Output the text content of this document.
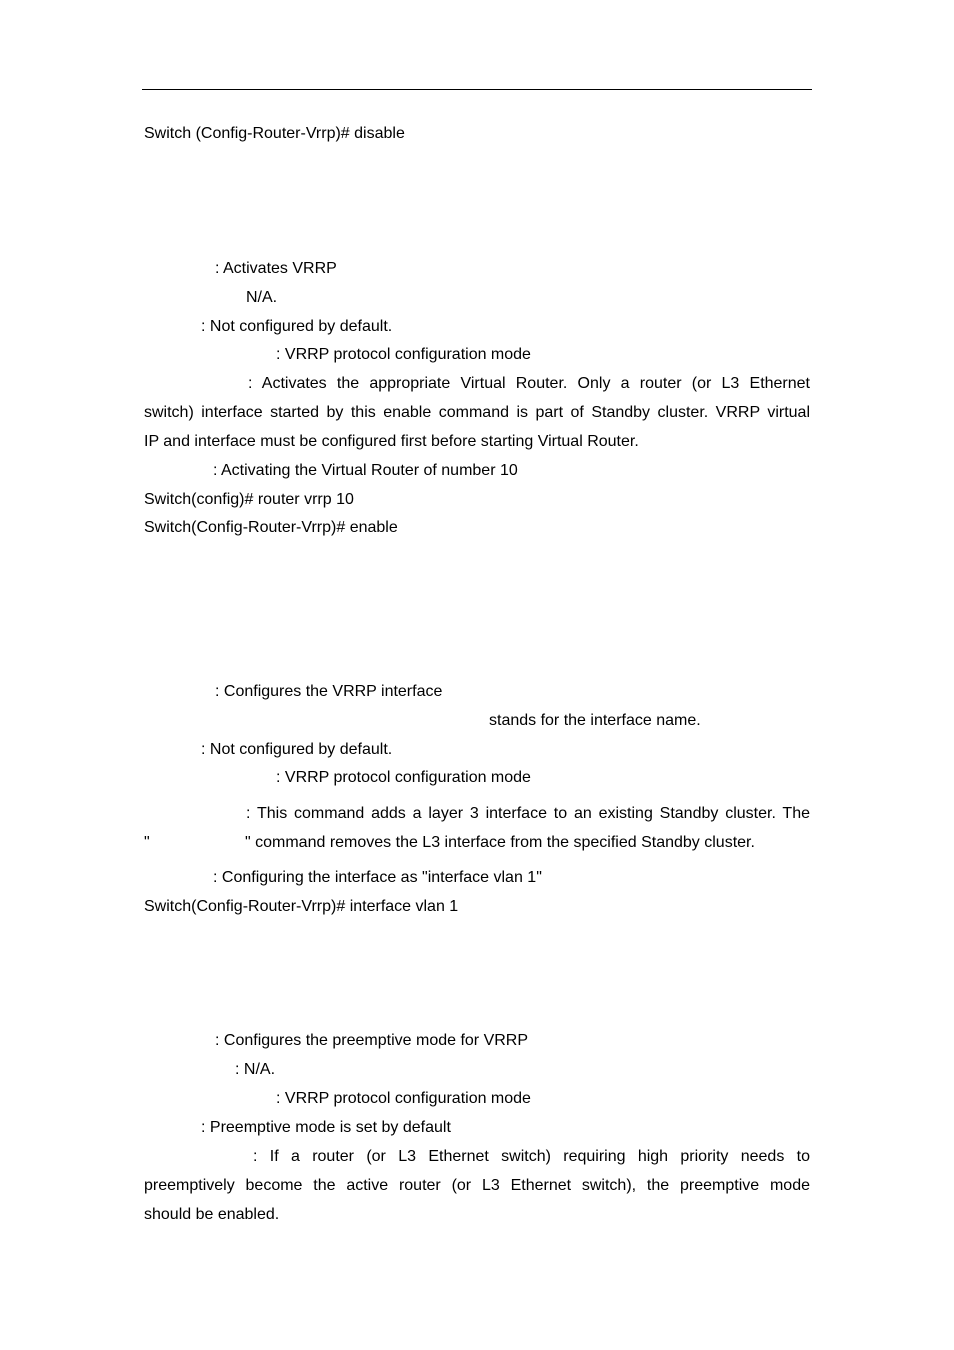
Switch (Config-Router-Vrrp)# disable
: Activates VRRP
N/A.
: Not configured by default.
: VRRP protocol configuration mode
: Activates the appropriate Virtual Router. Only a router (or L3 Ethernet
switch) interface started by this enable command is part of Standby cluster. VRRP virtual
IP and interface must be configured first before starting Virtual Router.
: Activating the Virtual Router of number 10
Switch(config)# router vrrp 10
Switch(Config-Router-Vrrp)# enable
: Configures the VRRP interface
stands for the interface name.
: Not configured by default.
: VRRP protocol configuration mode
: This command adds a layer 3 interface to an existing Standby cluster. The
"	" command removes the L3 interface from the specified Standby cluster.
: Configuring the interface as "interface vlan 1"
Switch(Config-Router-Vrrp)# interface vlan 1
: Configures the preemptive mode for VRRP
: N/A.
: VRRP protocol configuration mode
: Preemptive mode is set by default
: If a router (or L3 Ethernet switch) requiring high priority needs to
preemptively become the active router (or L3 Ethernet switch), the preemptive mode
should be enabled.
